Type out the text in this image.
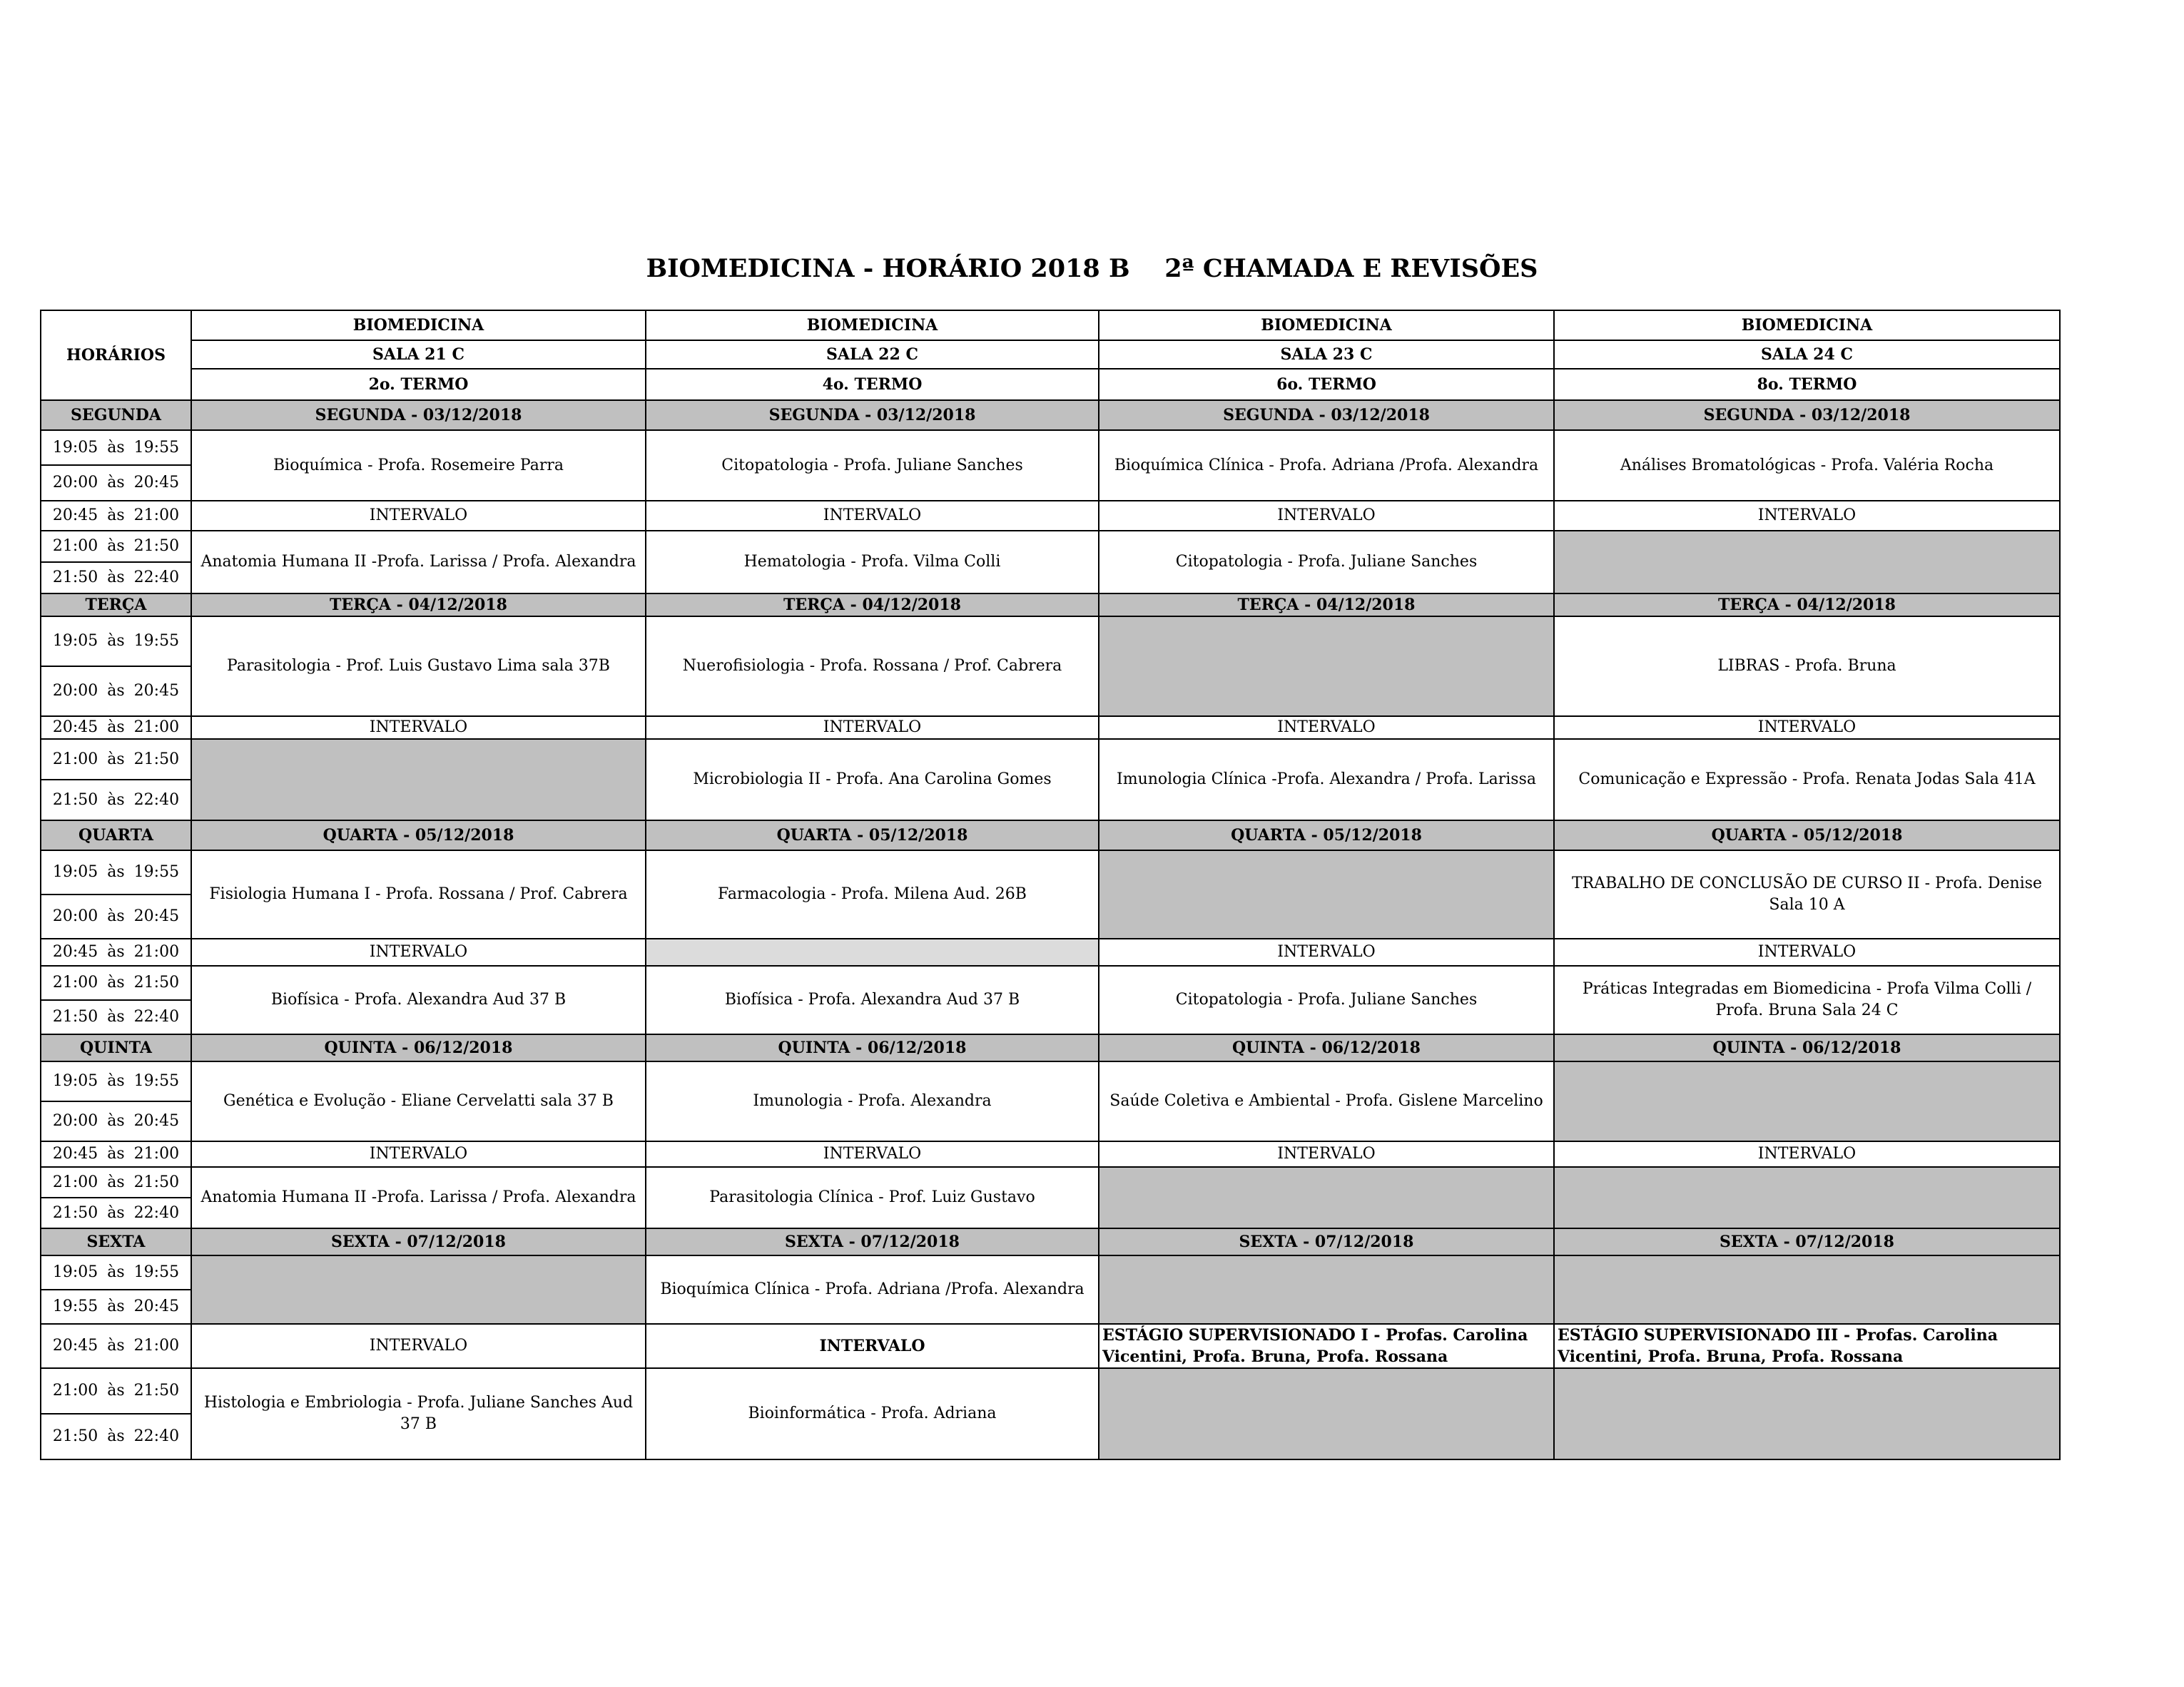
BIOMEDICINA - HORÁRIO 2018 B    2ª CHAMADA E REVISÕES
HORÁRIOS	BIOMEDICINA	BIOMEDICINA	BIOMEDICINA	BIOMEDICINA
	SALA 21 C	SALA 22 C	SALA 23 C	SALA 24 C
	2o. TERMO	4o. TERMO	6o. TERMO	8o. TERMO
SEGUNDA	SEGUNDA - 03/12/2018	SEGUNDA - 03/12/2018	SEGUNDA - 03/12/2018	SEGUNDA - 03/12/2018
19:05 às 19:55	Bioquímica - Profa. Rosemeire Parra	Citopatologia - Profa. Juliane Sanches	Bioquímica Clínica - Profa. Adriana /Profa. Alexandra	Análises Bromatológicas - Profa. Valéria Rocha
20:00 às 20:45				
20:45 às 21:00	INTERVALO	INTERVALO	INTERVALO	INTERVALO
21:00 às 21:50	Anatomia Humana II -Profa. Larissa / Profa. Alexandra	Hematologia - Profa. Vilma Colli	Citopatologia - Profa. Juliane Sanches	
21:50 às 22:40				
TERÇA	TERÇA - 04/12/2018	TERÇA - 04/12/2018	TERÇA - 04/12/2018	TERÇA - 04/12/2018
19:05 às 19:55	Parasitologia - Prof. Luis Gustavo Lima sala 37B	Nuerofisiologia - Profa. Rossana / Prof. Cabrera		LIBRAS - Profa. Bruna
20:00 às 20:45				
20:45 às 21:00	INTERVALO	INTERVALO	INTERVALO	INTERVALO
21:00 às 21:50		Microbiologia II - Profa. Ana Carolina Gomes	Imunologia Clínica -Profa. Alexandra / Profa. Larissa	Comunicação e Expressão - Profa. Renata Jodas Sala 41A
21:50 às 22:40				
QUARTA	QUARTA - 05/12/2018	QUARTA - 05/12/2018	QUARTA - 05/12/2018	QUARTA - 05/12/2018
19:05 às 19:55	Fisiologia Humana I - Profa. Rossana / Prof. Cabrera	Farmacologia - Profa. Milena Aud. 26B		TRABALHO DE CONCLUSÃO DE CURSO II - Profa. Denise Sala 10 A
20:00 às 20:45				
20:45 às 21:00	INTERVALO		INTERVALO	INTERVALO
21:00 às 21:50	Biofísica - Profa. Alexandra Aud 37 B	Biofísica - Profa. Alexandra Aud 37 B	Citopatologia - Profa. Juliane Sanches	Práticas Integradas em Biomedicina - Profa Vilma Colli / Profa. Bruna Sala 24 C
21:50 às 22:40				
QUINTA	QUINTA - 06/12/2018	QUINTA - 06/12/2018	QUINTA - 06/12/2018	QUINTA - 06/12/2018
19:05 às 19:55	Genética e Evolução - Eliane Cervelatti sala 37 B	Imunologia - Profa. Alexandra	Saúde Coletiva e Ambiental - Profa. Gislene Marcelino	
20:00 às 20:45				
20:45 às 21:00	INTERVALO	INTERVALO	INTERVALO	INTERVALO
21:00 às 21:50	Anatomia Humana II -Profa. Larissa / Profa. Alexandra	Parasitologia Clínica - Prof. Luiz Gustavo		
21:50 às 22:40				
SEXTA	SEXTA - 07/12/2018	SEXTA - 07/12/2018	SEXTA - 07/12/2018	SEXTA - 07/12/2018
19:05 às 19:55		Bioquímica Clínica - Profa. Adriana /Profa. Alexandra		
19:55 às 20:45				
20:45 às 21:00	INTERVALO	INTERVALO	ESTÁGIO SUPERVISIONADO I - Profas. Carolina Vicentini, Profa. Bruna, Profa. Rossana	ESTÁGIO SUPERVISIONADO III - Profas. Carolina Vicentini, Profa. Bruna, Profa. Rossana
21:00 às 21:50	Histologia e Embriologia - Profa. Juliane Sanches Aud 37 B	Bioinformática - Profa. Adriana		
21:50 às 22:40				
